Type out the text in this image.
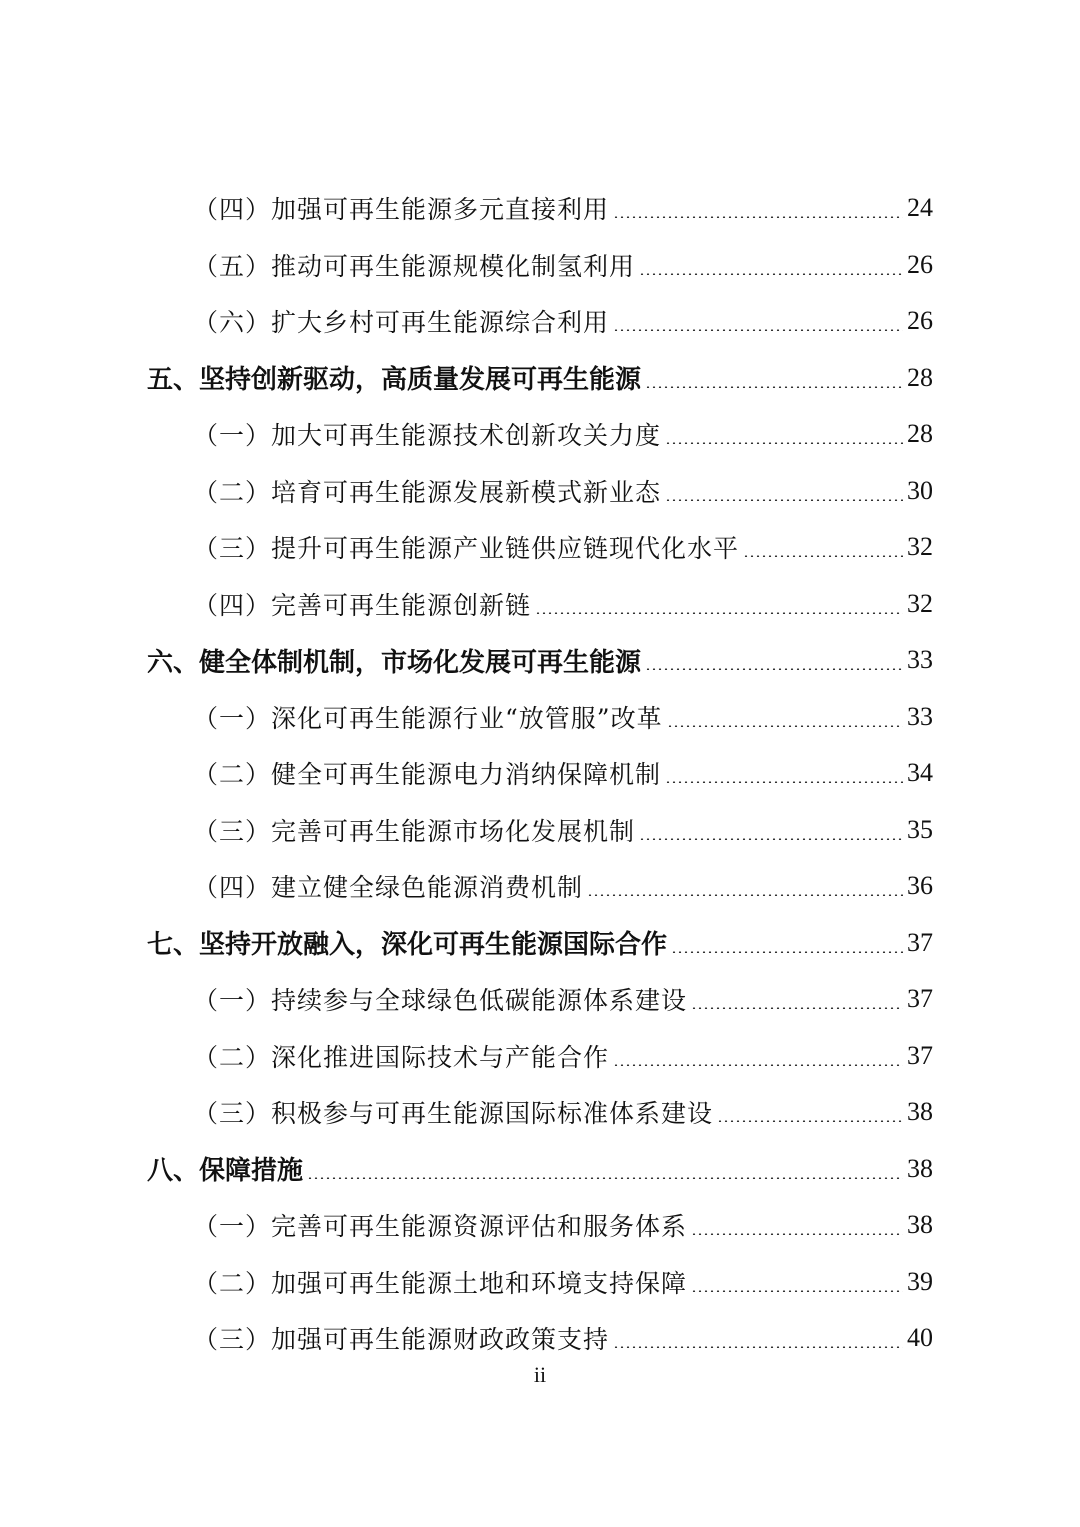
（四）加强可再生能源多元直接利用	24
（五）推动可再生能源规模化制氢利用	26
（六）扩大乡村可再生能源综合利用	26
五、坚持创新驱动，高质量发展可再生能源	28
（一）加大可再生能源技术创新攻关力度	28
（二）培育可再生能源发展新模式新业态	30
（三）提升可再生能源产业链供应链现代化水平	32
（四）完善可再生能源创新链	32
六、健全体制机制，市场化发展可再生能源	33
（一）深化可再生能源行业“放管服”改革	33
（二）健全可再生能源电力消纳保障机制	34
（三）完善可再生能源市场化发展机制	35
（四）建立健全绿色能源消费机制	36
七、坚持开放融入，深化可再生能源国际合作	37
（一）持续参与全球绿色低碳能源体系建设	37
（二）深化推进国际技术与产能合作	37
（三）积极参与可再生能源国际标准体系建设	38
八、保障措施	38
（一）完善可再生能源资源评估和服务体系	38
（二）加强可再生能源土地和环境支持保障	39
（三）加强可再生能源财政政策支持	40
ii
